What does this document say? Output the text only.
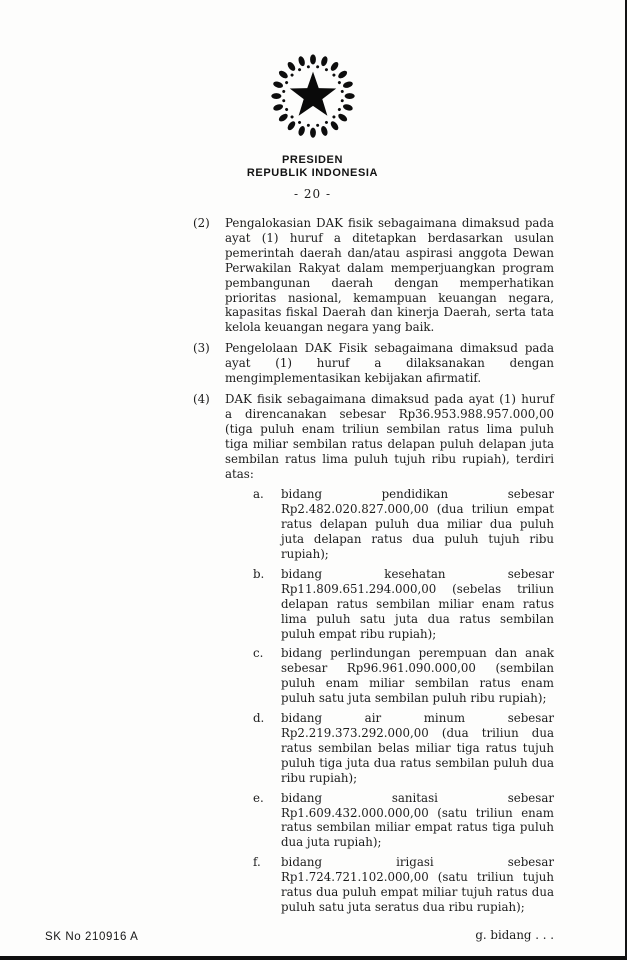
PRESIDEN
REPUBLIK INDONESIA
- 20 -
(2)	Pengalokasian DAK fisik sebagaimana dimaksud pada ayat (1) huruf a ditetapkan berdasarkan usulan pemerintah daerah dan/atau aspirasi anggota Dewan Perwakilan Rakyat dalam memperjuangkan program pembangunan daerah dengan memperhatikan prioritas nasional, kemampuan keuangan negara, kapasitas fiskal Daerah dan kinerja Daerah, serta tata kelola keuangan negara yang baik.
(3)	Pengelolaan DAK Fisik sebagaimana dimaksud pada ayat (1) huruf a dilaksanakan dengan mengimplementasikan kebijakan afirmatif.
(4)	DAK fisik sebagaimana dimaksud pada ayat (1) huruf a direncanakan sebesar Rp36.953.988.957.000,00 (tiga puluh enam triliun sembilan ratus lima puluh tiga miliar sembilan ratus delapan puluh delapan juta sembilan ratus lima puluh tujuh ribu rupiah), terdiri atas:
a.	bidang pendidikan sebesar Rp2.482.020.827.000,00 (dua triliun empat ratus delapan puluh dua miliar dua puluh juta delapan ratus dua puluh tujuh ribu rupiah);
b.	bidang kesehatan sebesar Rp11.809.651.294.000,00 (sebelas triliun delapan ratus sembilan miliar enam ratus lima puluh satu juta dua ratus sembilan puluh empat ribu rupiah);
c.	bidang perlindungan perempuan dan anak sebesar Rp96.961.090.000,00 (sembilan puluh enam miliar sembilan ratus enam puluh satu juta sembilan puluh ribu rupiah);
d.	bidang air minum sebesar Rp2.219.373.292.000,00 (dua triliun dua ratus sembilan belas miliar tiga ratus tujuh puluh tiga juta dua ratus sembilan puluh dua ribu rupiah);
e.	bidang sanitasi sebesar Rp1.609.432.000.000,00 (satu triliun enam ratus sembilan miliar empat ratus tiga puluh dua juta rupiah);
f.	bidang irigasi sebesar Rp1.724.721.102.000,00 (satu triliun tujuh ratus dua puluh empat miliar tujuh ratus dua puluh satu juta seratus dua ribu rupiah);
g. bidang . . .
SK No 210916 A
